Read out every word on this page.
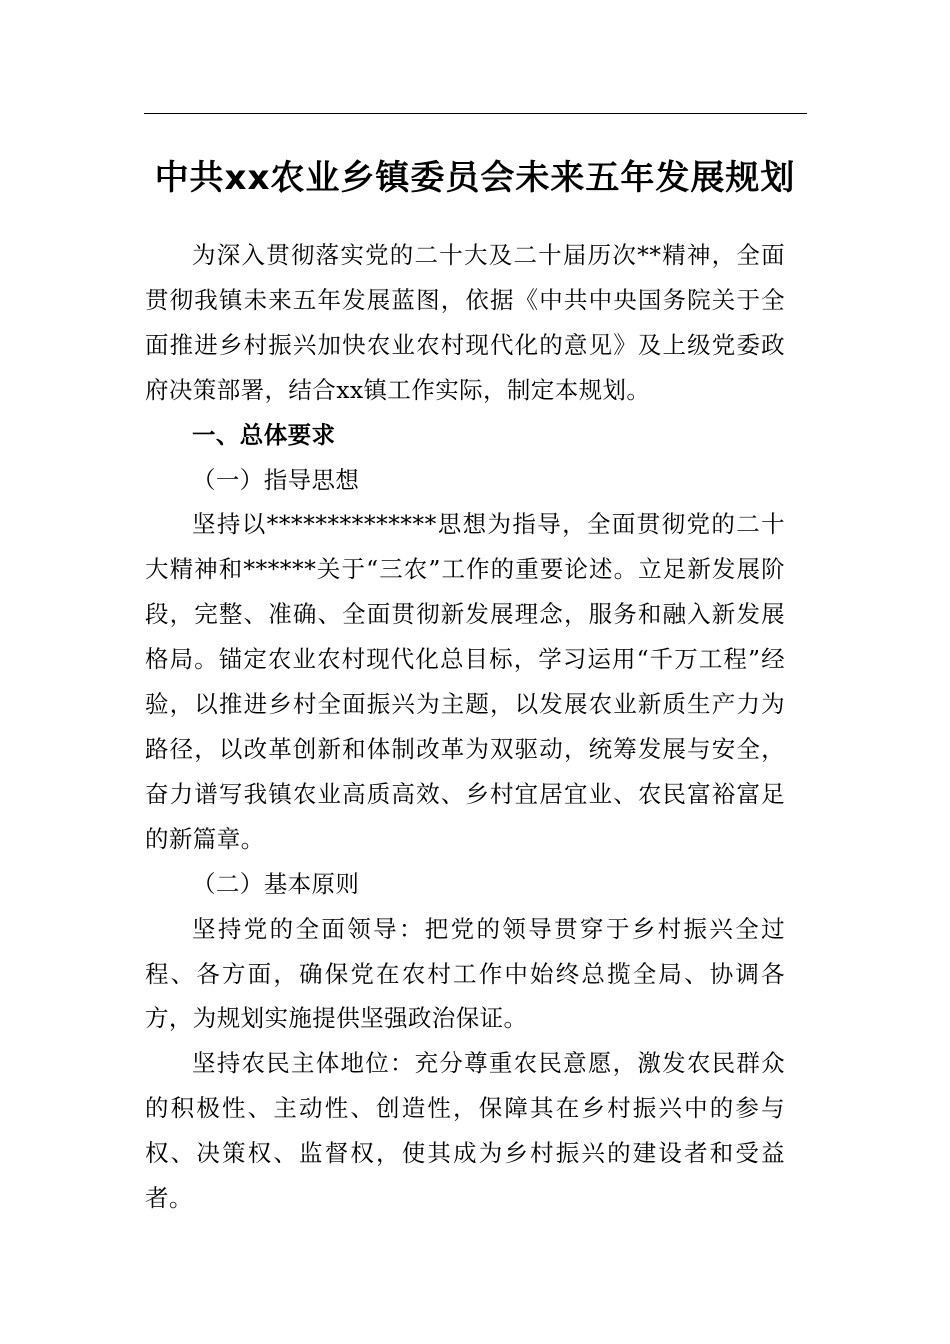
中共xx农业乡镇委员会未来五年发展规划

为深入贯彻落实党的二十大及二十届历次**精神，全面贯彻我镇未来五年发展蓝图，依据《中共中央国务院关于全面推进乡村振兴加快农业农村现代化的意见》及上级党委政府决策部署，结合xx镇工作实际，制定本规划。

一、总体要求
（一）指导思想

坚持以**************思想为指导，全面贯彻党的二十大精神和******关于“三农”工作的重要论述。立足新发展阶段，完整、准确、全面贯彻新发展理念，服务和融入新发展格局。锚定农业农村现代化总目标，学习运用“千万工程”经验，以推进乡村全面振兴为主题，以发展农业新质生产力为路径，以改革创新和体制改革为双驱动，统筹发展与安全，奋力谱写我镇农业高质高效、乡村宜居宜业、农民富裕富足的新篇章。

（二）基本原则

坚持党的全面领导：把党的领导贯穿于乡村振兴全过程、各方面，确保党在农村工作中始终总揽全局、协调各方，为规划实施提供坚强政治保证。

坚持农民主体地位：充分尊重农民意愿，激发农民群众的积极性、主动性、创造性，保障其在乡村振兴中的参与权、决策权、监督权，使其成为乡村振兴的建设者和受益者。
